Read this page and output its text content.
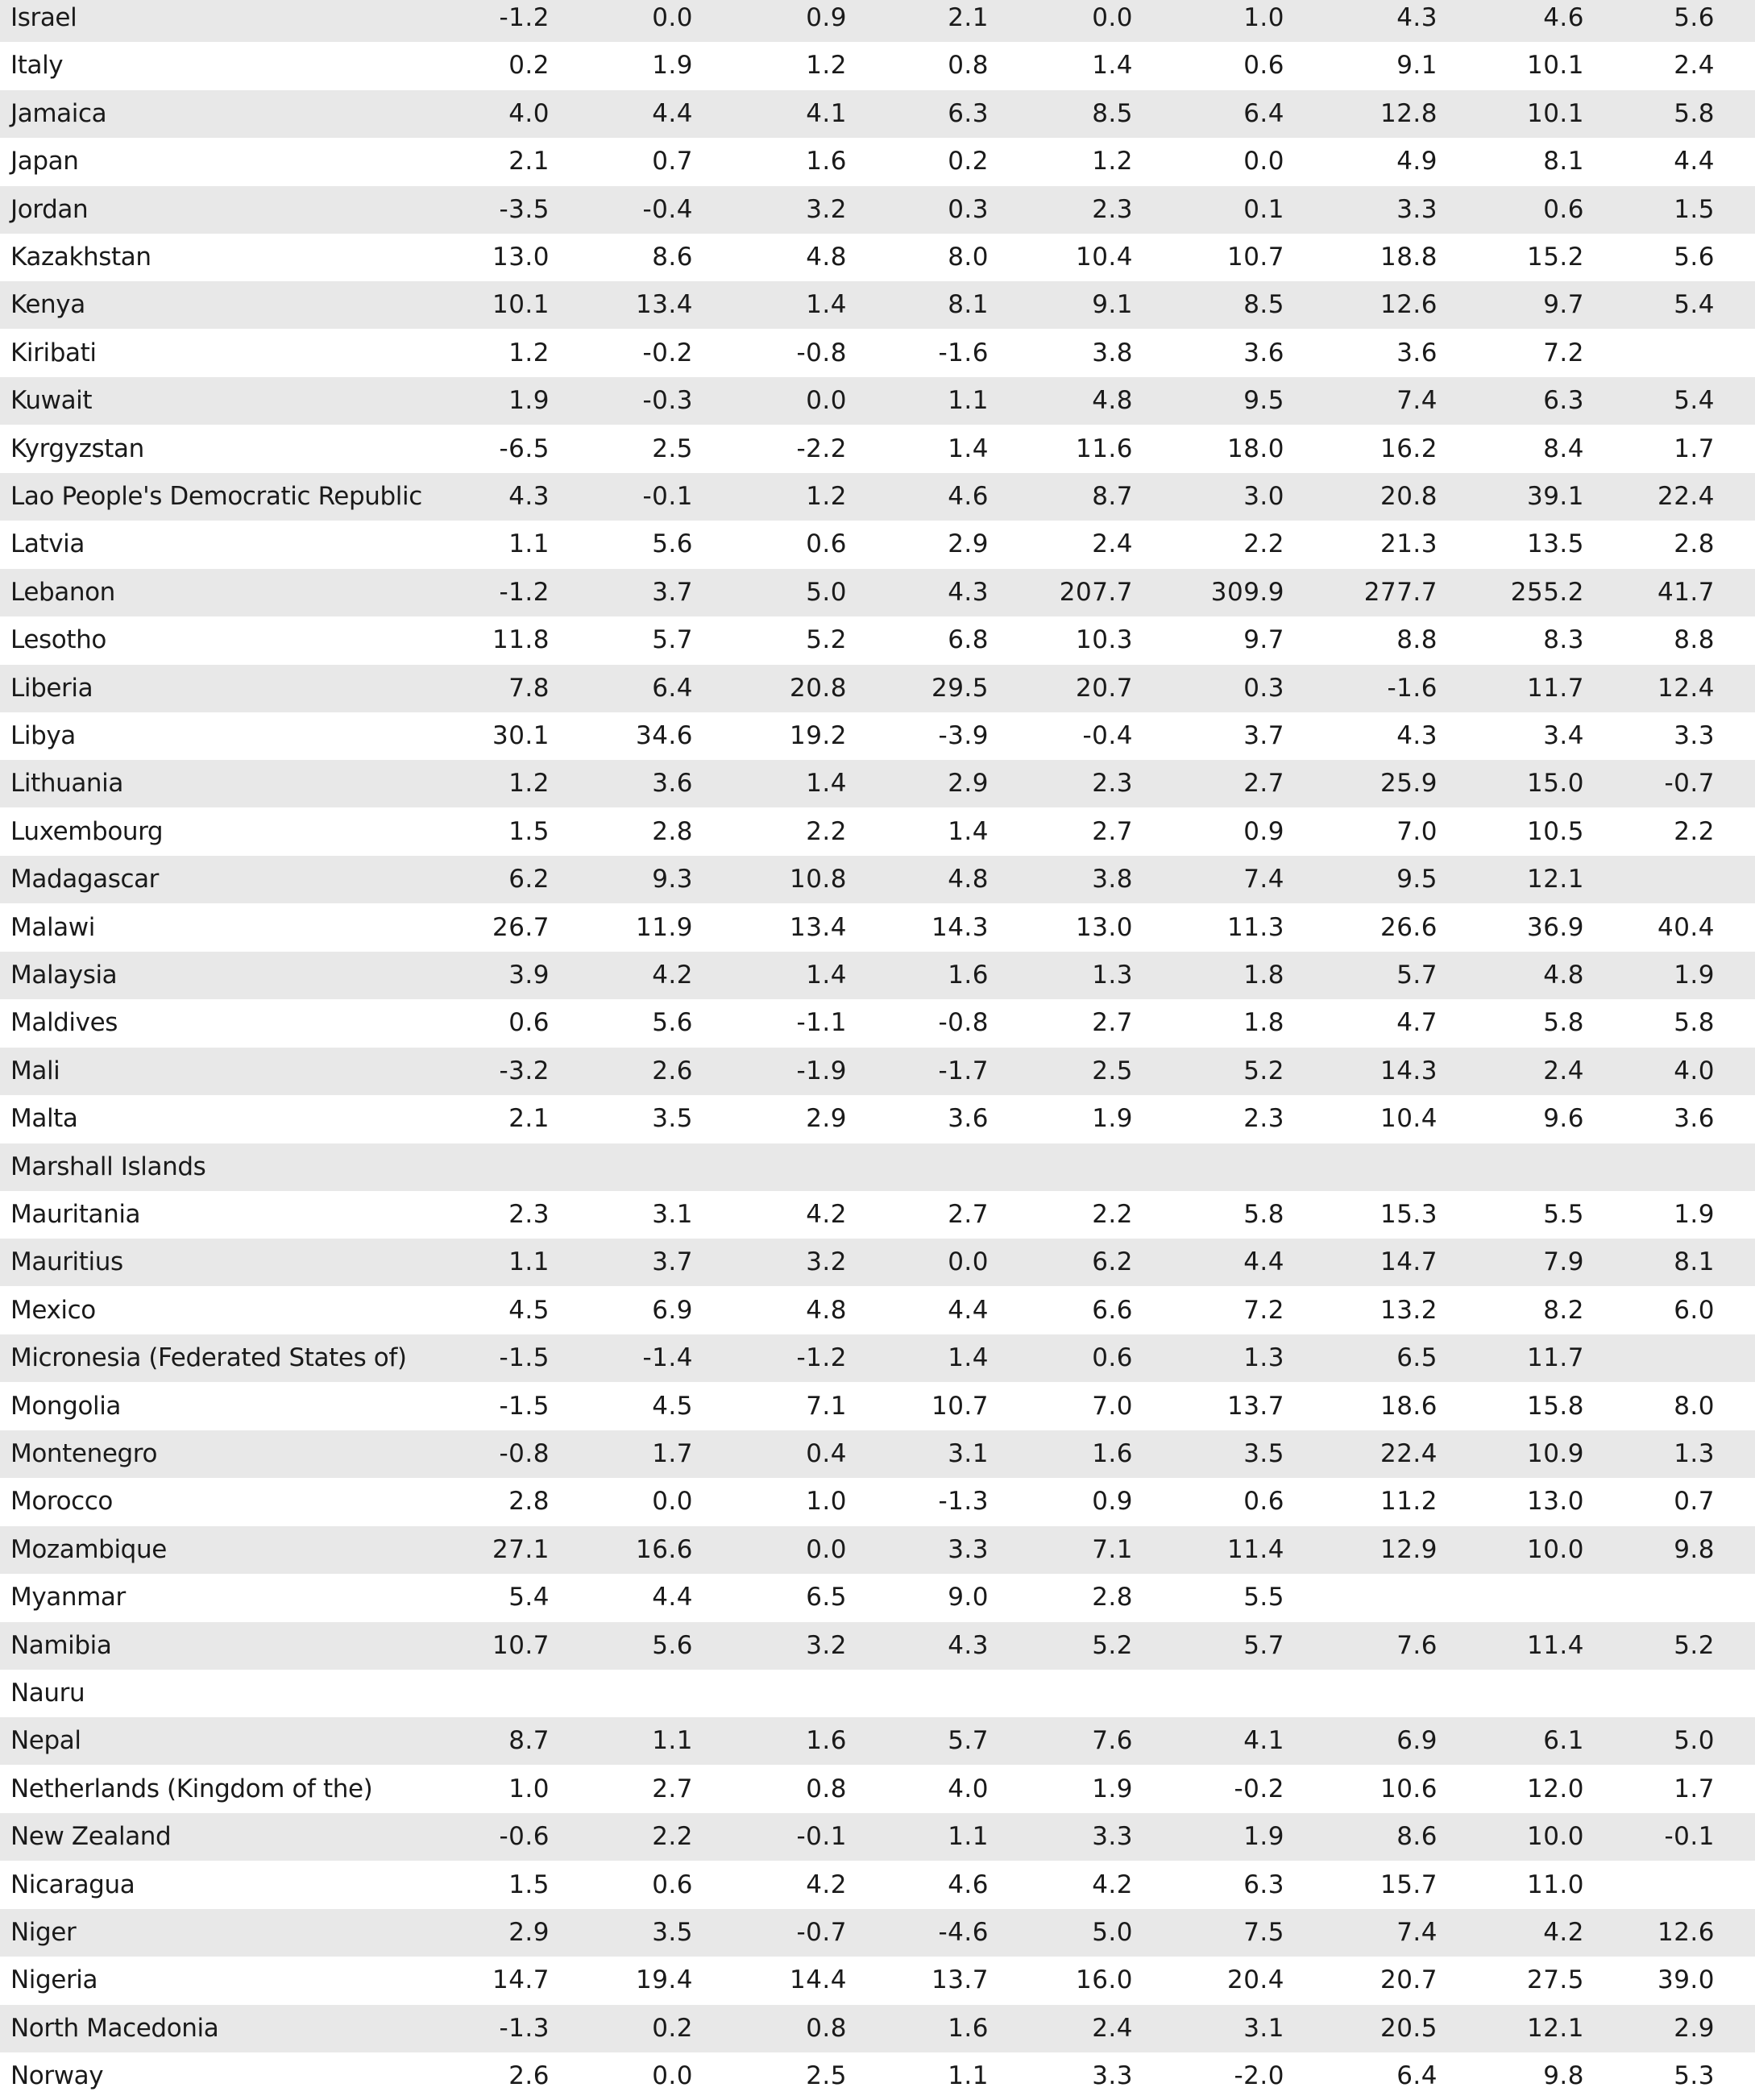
Israel	-1.2	0.0	0.9	2.1	0.0	1.0	4.3	4.6	5.6
Italy	0.2	1.9	1.2	0.8	1.4	0.6	9.1	10.1	2.4
Jamaica	4.0	4.4	4.1	6.3	8.5	6.4	12.8	10.1	5.8
Japan	2.1	0.7	1.6	0.2	1.2	0.0	4.9	8.1	4.4
Jordan	-3.5	-0.4	3.2	0.3	2.3	0.1	3.3	0.6	1.5
Kazakhstan	13.0	8.6	4.8	8.0	10.4	10.7	18.8	15.2	5.6
Kenya	10.1	13.4	1.4	8.1	9.1	8.5	12.6	9.7	5.4
Kiribati	1.2	-0.2	-0.8	-1.6	3.8	3.6	3.6	7.2
Kuwait	1.9	-0.3	0.0	1.1	4.8	9.5	7.4	6.3	5.4
Kyrgyzstan	-6.5	2.5	-2.2	1.4	11.6	18.0	16.2	8.4	1.7
Lao People's Democratic Republic	4.3	-0.1	1.2	4.6	8.7	3.0	20.8	39.1	22.4
Latvia	1.1	5.6	0.6	2.9	2.4	2.2	21.3	13.5	2.8
Lebanon	-1.2	3.7	5.0	4.3	207.7	309.9	277.7	255.2	41.7
Lesotho	11.8	5.7	5.2	6.8	10.3	9.7	8.8	8.3	8.8
Liberia	7.8	6.4	20.8	29.5	20.7	0.3	-1.6	11.7	12.4
Libya	30.1	34.6	19.2	-3.9	-0.4	3.7	4.3	3.4	3.3
Lithuania	1.2	3.6	1.4	2.9	2.3	2.7	25.9	15.0	-0.7
Luxembourg	1.5	2.8	2.2	1.4	2.7	0.9	7.0	10.5	2.2
Madagascar	6.2	9.3	10.8	4.8	3.8	7.4	9.5	12.1
Malawi	26.7	11.9	13.4	14.3	13.0	11.3	26.6	36.9	40.4
Malaysia	3.9	4.2	1.4	1.6	1.3	1.8	5.7	4.8	1.9
Maldives	0.6	5.6	-1.1	-0.8	2.7	1.8	4.7	5.8	5.8
Mali	-3.2	2.6	-1.9	-1.7	2.5	5.2	14.3	2.4	4.0
Malta	2.1	3.5	2.9	3.6	1.9	2.3	10.4	9.6	3.6
Marshall Islands
Mauritania	2.3	3.1	4.2	2.7	2.2	5.8	15.3	5.5	1.9
Mauritius	1.1	3.7	3.2	0.0	6.2	4.4	14.7	7.9	8.1
Mexico	4.5	6.9	4.8	4.4	6.6	7.2	13.2	8.2	6.0
Micronesia (Federated States of)	-1.5	-1.4	-1.2	1.4	0.6	1.3	6.5	11.7
Mongolia	-1.5	4.5	7.1	10.7	7.0	13.7	18.6	15.8	8.0
Montenegro	-0.8	1.7	0.4	3.1	1.6	3.5	22.4	10.9	1.3
Morocco	2.8	0.0	1.0	-1.3	0.9	0.6	11.2	13.0	0.7
Mozambique	27.1	16.6	0.0	3.3	7.1	11.4	12.9	10.0	9.8
Myanmar	5.4	4.4	6.5	9.0	2.8	5.5
Namibia	10.7	5.6	3.2	4.3	5.2	5.7	7.6	11.4	5.2
Nauru
Nepal	8.7	1.1	1.6	5.7	7.6	4.1	6.9	6.1	5.0
Netherlands (Kingdom of the)	1.0	2.7	0.8	4.0	1.9	-0.2	10.6	12.0	1.7
New Zealand	-0.6	2.2	-0.1	1.1	3.3	1.9	8.6	10.0	-0.1
Nicaragua	1.5	0.6	4.2	4.6	4.2	6.3	15.7	11.0
Niger	2.9	3.5	-0.7	-4.6	5.0	7.5	7.4	4.2	12.6
Nigeria	14.7	19.4	14.4	13.7	16.0	20.4	20.7	27.5	39.0
North Macedonia	-1.3	0.2	0.8	1.6	2.4	3.1	20.5	12.1	2.9
Norway	2.6	0.0	2.5	1.1	3.3	-2.0	6.4	9.8	5.3
